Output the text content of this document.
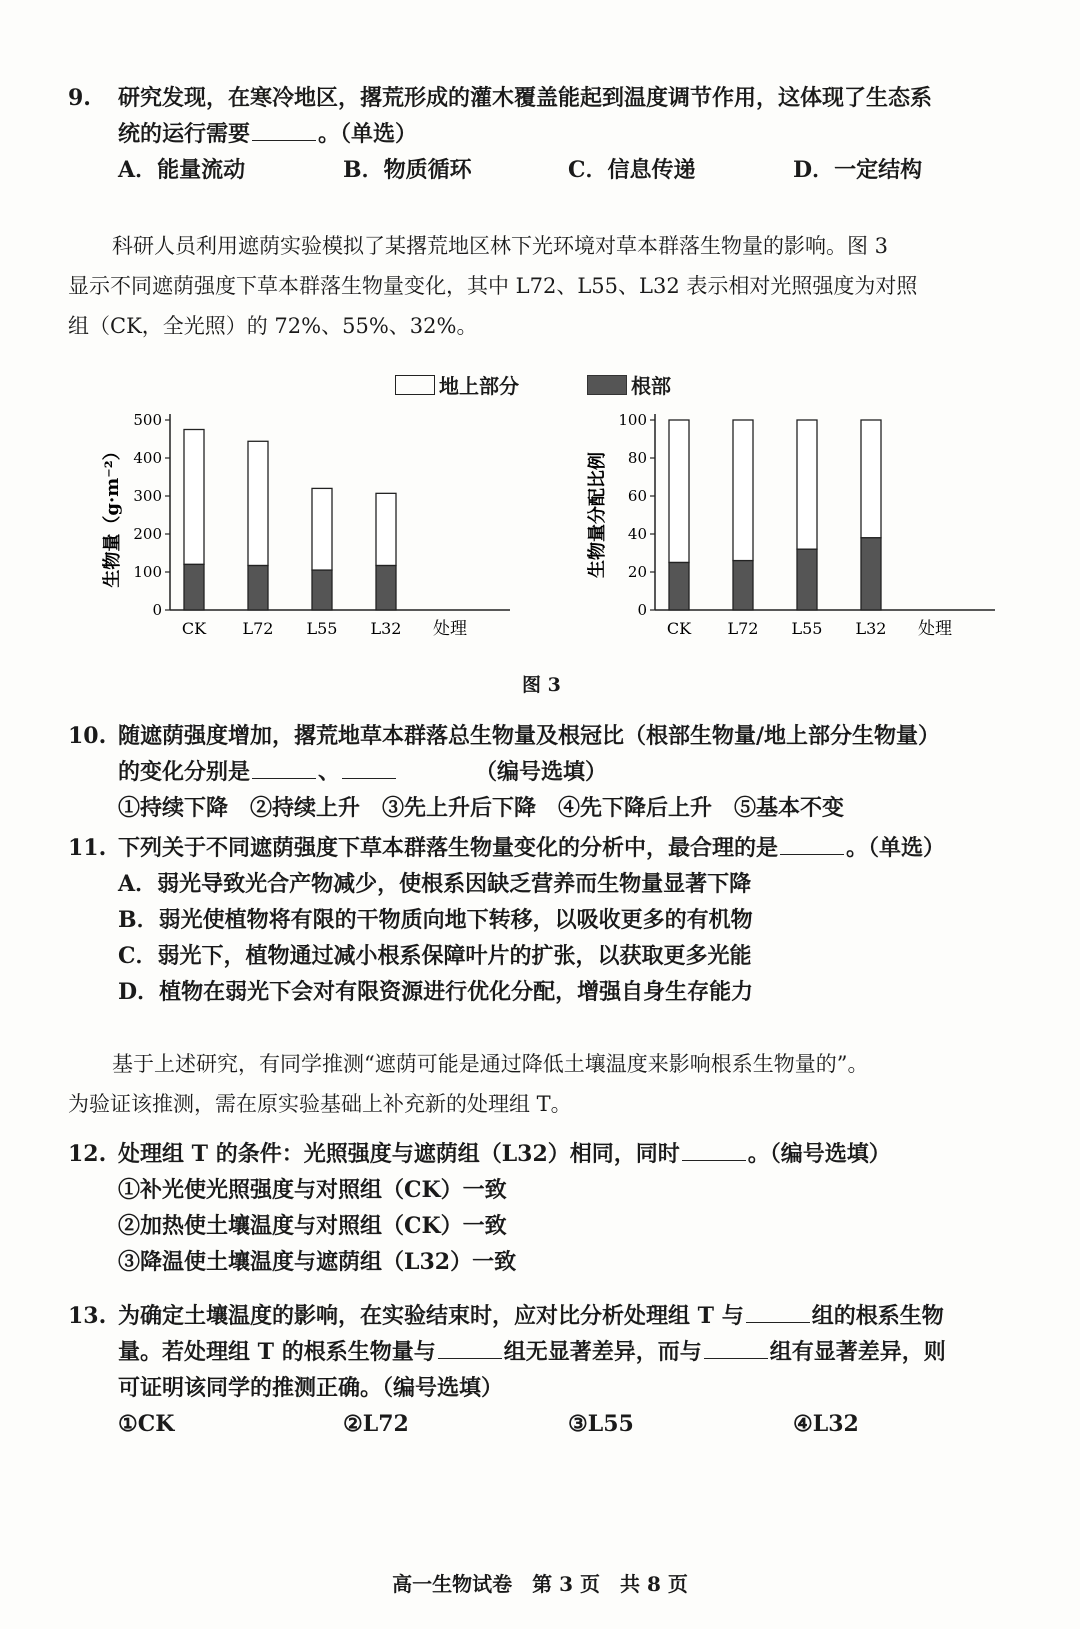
9. 研究发现，在寒冷地区，撂荒形成的灌木覆盖能起到温度调节作用，这体现了生态系
统的运行需要	。（单选）
A．能量流动	B．物质循环	C．信息传递	D．一定结构
科研人员利用遮荫实验模拟了某撂荒地区林下光环境对草本群落生物量的影响。图 3
显示不同遮荫强度下草本群落生物量变化，其中 L72、L55、L32 表示相对光照强度为对照
组（CK，全光照）的 72%、55%、32%。
地上部分	根部
0
100
200
300
400
500
生物量（g·m⁻²）
CK L72 L55 L32 处理
0
20
40
60
80
100
生物量分配比例
CK L72 L55 L32 处理
图 3
10. 随遮荫强度增加，撂荒地草本群落总生物量及根冠比（根部生物量/地上部分生物量）
的变化分别是	、　　　　	（编号选填）
①持续下降　②持续上升　③先上升后下降　④先下降后上升　⑤基本不变
11. 下列关于不同遮荫强度下草本群落生物量变化的分析中，最合理的是	。（单选）
A．弱光导致光合产物减少，使根系因缺乏营养而生物量显著下降
B．弱光使植物将有限的干物质向地下转移，以吸收更多的有机物
C．弱光下，植物通过减小根系保障叶片的扩张，以获取更多光能
D．植物在弱光下会对有限资源进行优化分配，增强自身生存能力
基于上述研究，有同学推测“遮荫可能是通过降低土壤温度来影响根系生物量的”。
为验证该推测，需在原实验基础上补充新的处理组 T。
12. 处理组 T 的条件：光照强度与遮荫组（L32）相同，同时	。（编号选填）
①补光使光照强度与对照组（CK）一致
②加热使土壤温度与对照组（CK）一致
③降温使土壤温度与遮荫组（L32）一致
13. 为确定土壤温度的影响，在实验结束时，应对比分析处理组 T 与	组的根系生物
量。若处理组 T 的根系生物量与	组无显著差异，而与	组有显著差异，则
可证明该同学的推测正确。（编号选填）
①CK	②L72	③L55	④L32
高一生物试卷　第 3 页　共 8 页
